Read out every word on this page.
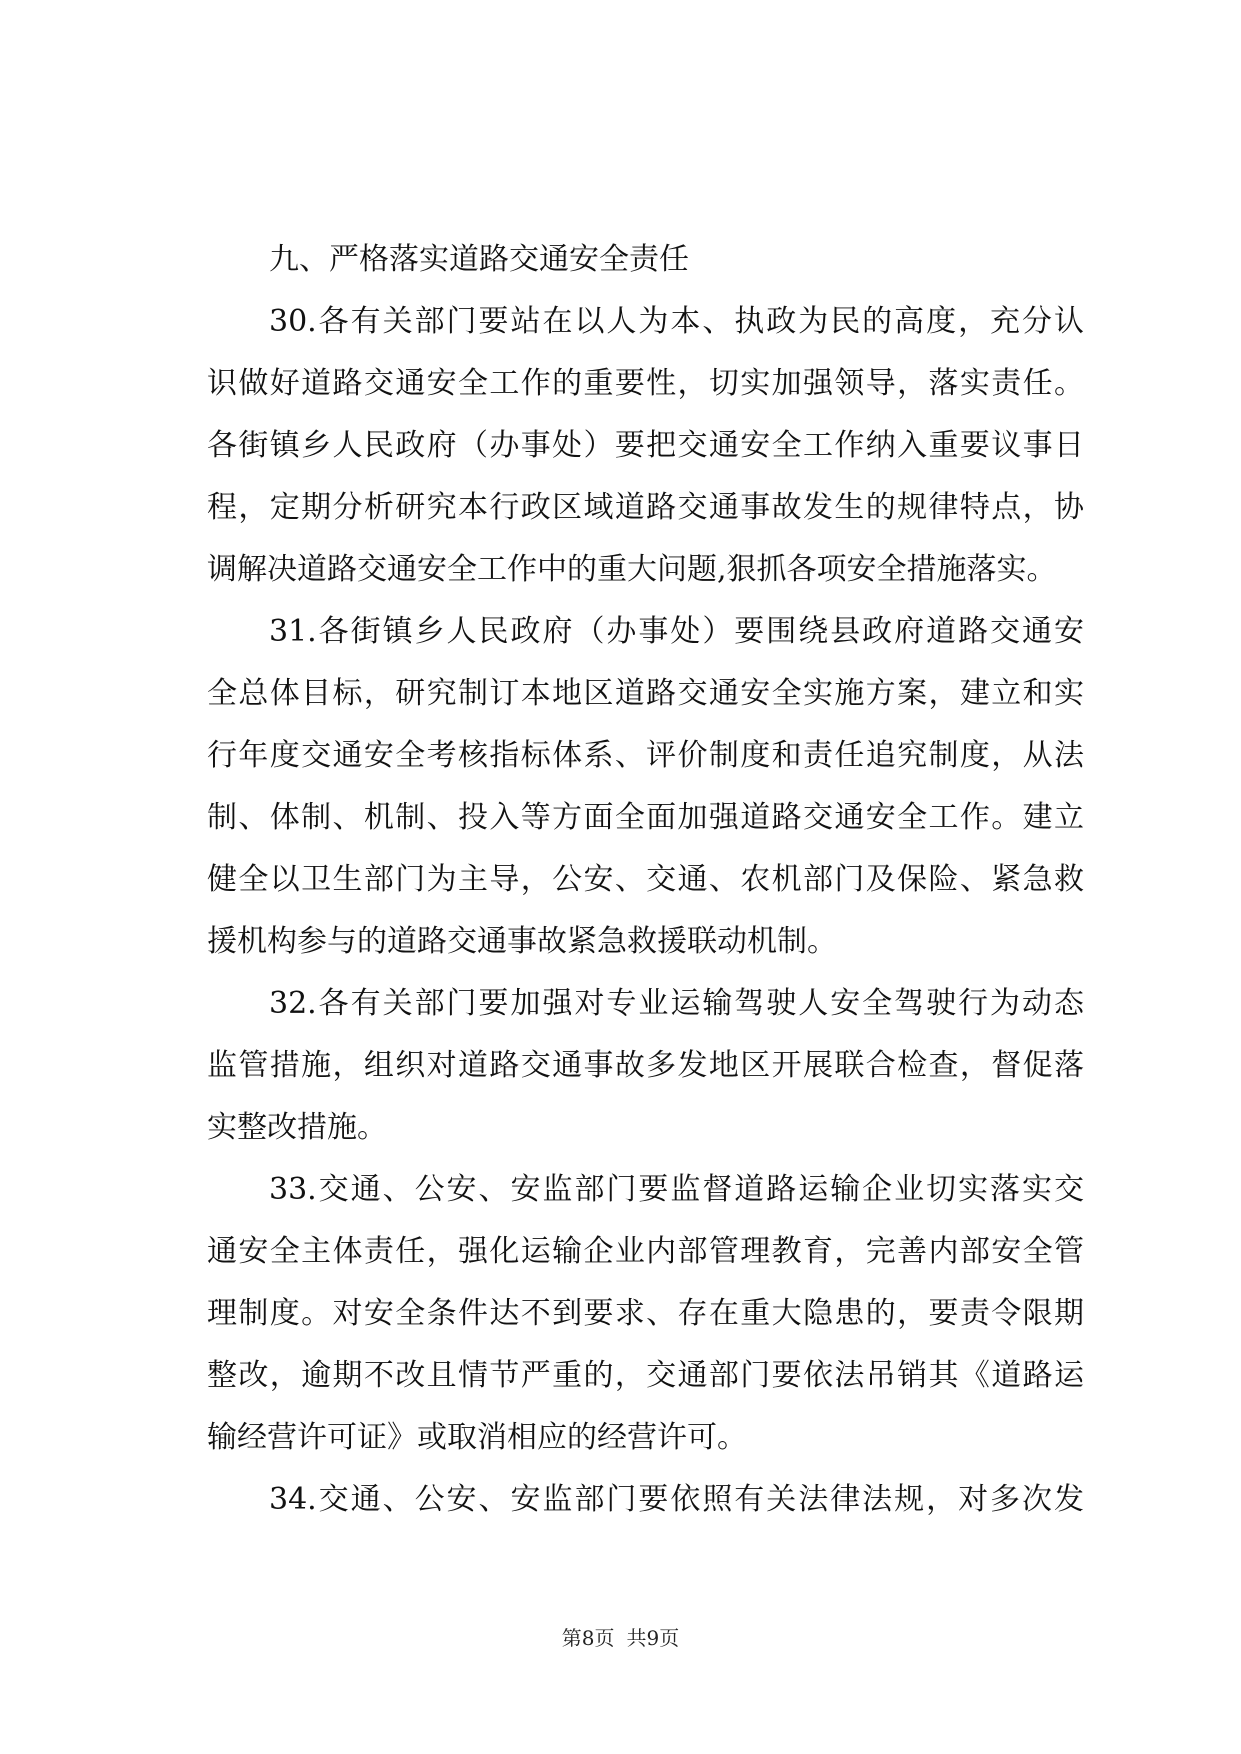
九、严格落实道路交通安全责任
30.各有关部门要站在以人为本、执政为民的高度，充分认
识做好道路交通安全工作的重要性，切实加强领导，落实责任。
各街镇乡人民政府（办事处）要把交通安全工作纳入重要议事日
程，定期分析研究本行政区域道路交通事故发生的规律特点，协
调解决道路交通安全工作中的重大问题,狠抓各项安全措施落实。
31.各街镇乡人民政府（办事处）要围绕县政府道路交通安
全总体目标，研究制订本地区道路交通安全实施方案，建立和实
行年度交通安全考核指标体系、评价制度和责任追究制度，从法
制、体制、机制、投入等方面全面加强道路交通安全工作。建立
健全以卫生部门为主导，公安、交通、农机部门及保险、紧急救
援机构参与的道路交通事故紧急救援联动机制。
32.各有关部门要加强对专业运输驾驶人安全驾驶行为动态
监管措施，组织对道路交通事故多发地区开展联合检查，督促落
实整改措施。
33.交通、公安、安监部门要监督道路运输企业切实落实交
通安全主体责任，强化运输企业内部管理教育，完善内部安全管
理制度。对安全条件达不到要求、存在重大隐患的，要责令限期
整改，逾期不改且情节严重的，交通部门要依法吊销其《道路运
输经营许可证》或取消相应的经营许可。
34.交通、公安、安监部门要依照有关法律法规，对多次发
第8页 共9页
